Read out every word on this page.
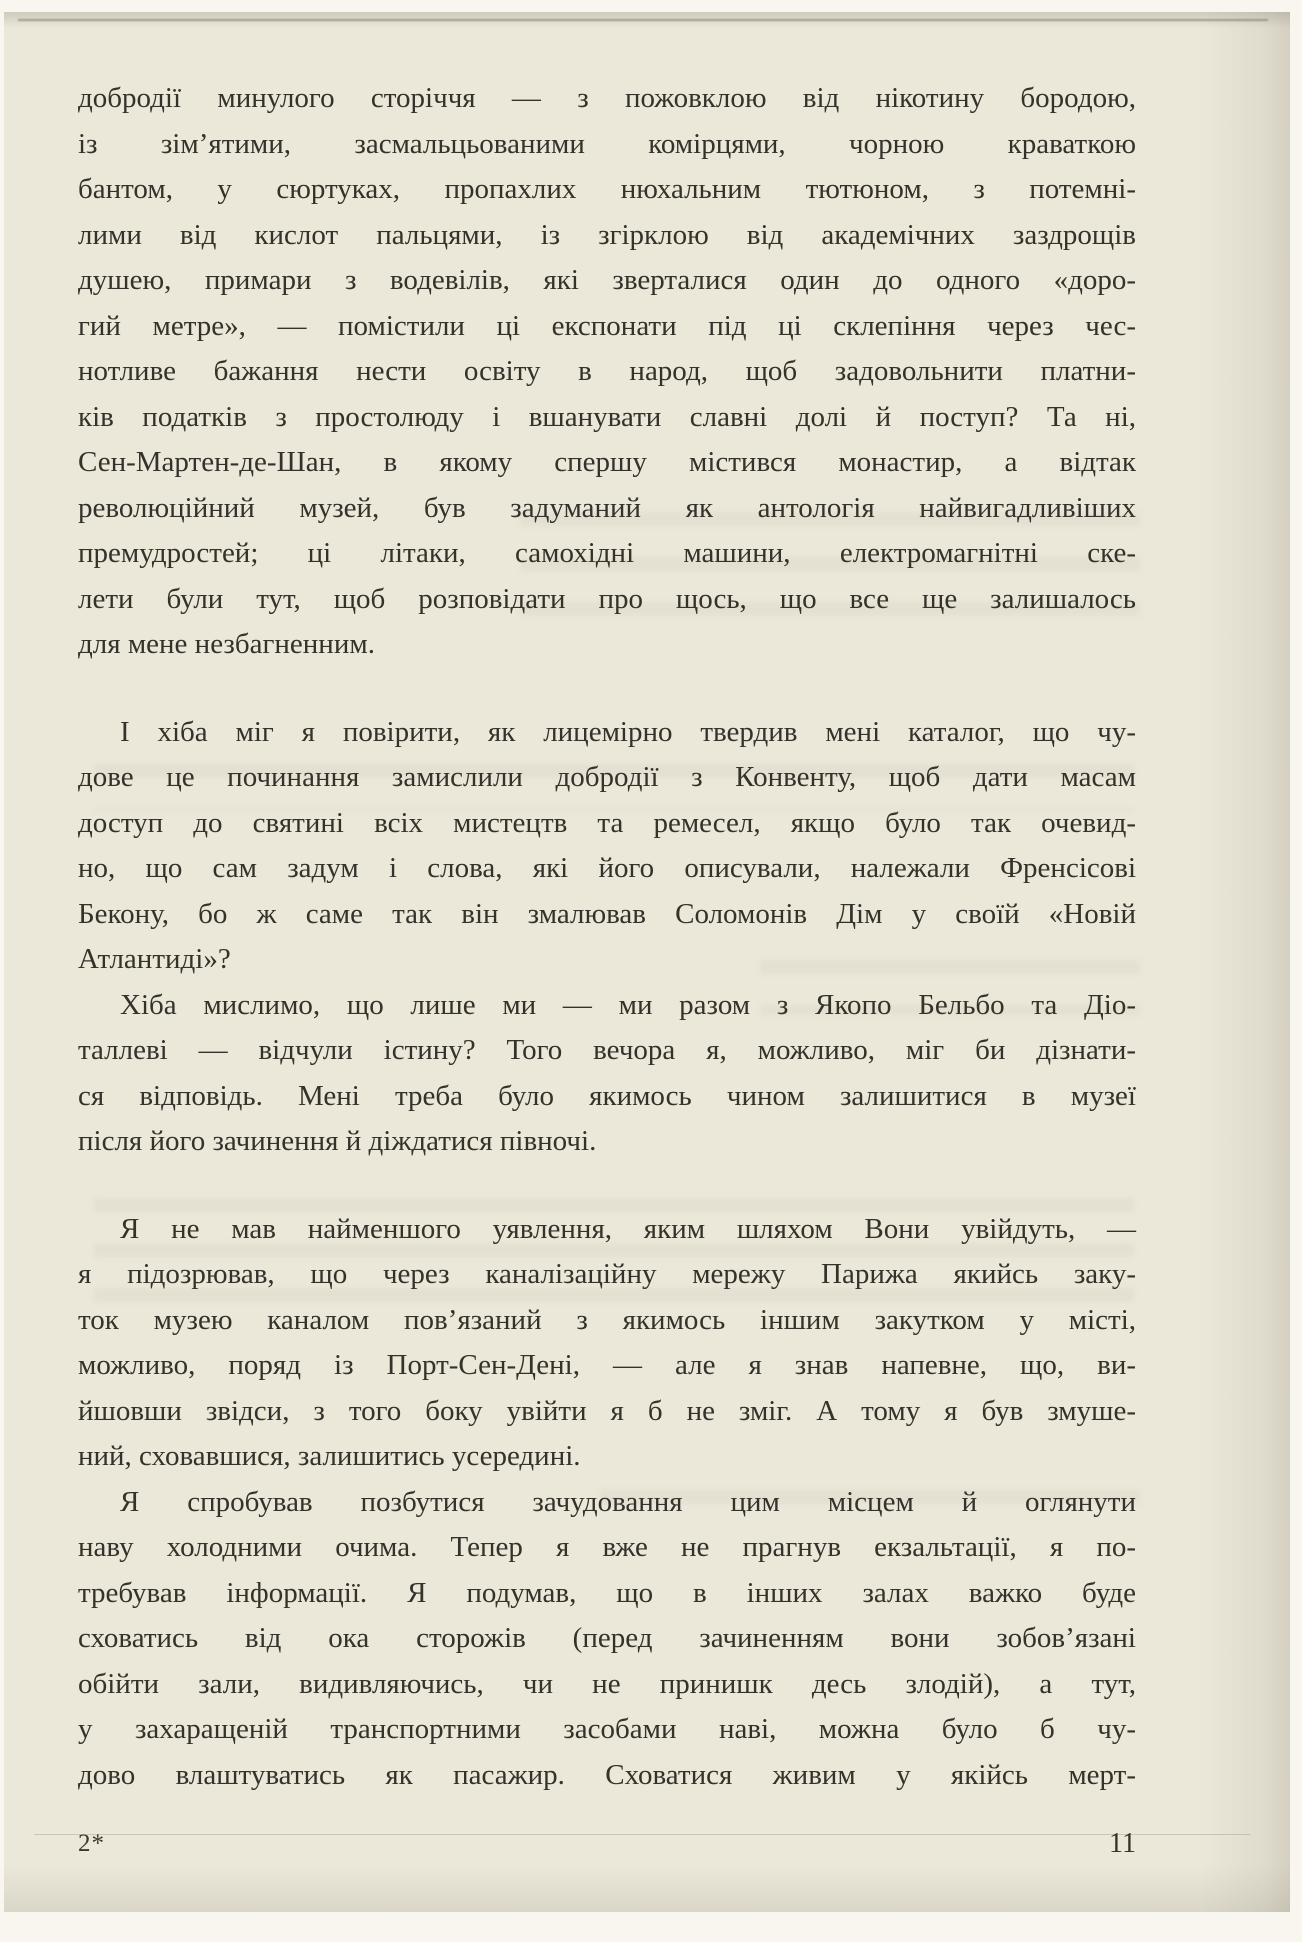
добродії минулого сторіччя — з пожовклою від нікотину бородою,
із зім’ятими, засмальцьованими комірцями, чорною краваткою
бантом, у сюртуках, пропахлих нюхальним тютюном, з потемні-
лими від кислот пальцями, із згірклою від академічних заздрощів
душею, примари з водевілів, які зверталися один до одного «доро-
гий метре», — помістили ці експонати під ці склепіння через чес-
нотливе бажання нести освіту в народ, щоб задовольнити платни-
ків податків з простолюду і вшанувати славні долі й поступ? Та ні,
Сен-Мартен-де-Шан, в якому спершу містився монастир, а відтак
революційний музей, був задуманий як антологія найвигадливіших
премудростей; ці літаки, самохідні машини, електромагнітні ске-
лети були тут, щоб розповідати про щось, що все ще залишалось
для мене незбагненним.
І хіба міг я повірити, як лицемірно твердив мені каталог, що чу-
дове це починання замислили добродії з Конвенту, щоб дати масам
доступ до святині всіх мистецтв та ремесел, якщо було так очевид-
но, що сам задум і слова, які його описували, належали Френсісові
Бекону, бо ж саме так він змалював Соломонів Дім у своїй «Новій
Атлантиді»?
Хіба мислимо, що лише ми — ми разом з Якопо Бельбо та Діо-
таллеві — відчули істину? Того вечора я, можливо, міг би дізнати-
ся відповідь. Мені треба було якимось чином залишитися в музеї
після його зачинення й діждатися півночі.
Я не мав найменшого уявлення, яким шляхом Вони увійдуть, —
я підозрював, що через каналізаційну мережу Парижа якийсь заку-
ток музею каналом пов’язаний з якимось іншим закутком у місті,
можливо, поряд із Порт-Сен-Дені, — але я знав напевне, що, ви-
йшовши звідси, з того боку увійти я б не зміг. А тому я був змуше-
ний, сховавшися, залишитись усередині.
Я спробував позбутися зачудовання цим місцем й оглянути
наву холодними очима. Тепер я вже не прагнув екзальтації, я по-
требував інформації. Я подумав, що в інших залах важко буде
сховатись від ока сторожів (перед зачиненням вони зобов’язані
обійти зали, видивляючись, чи не принишк десь злодій), а тут,
у захаращеній транспортними засобами наві, можна було б чу-
дово влаштуватись як пасажир. Сховатися живим у якійсь мерт-
2*	11
